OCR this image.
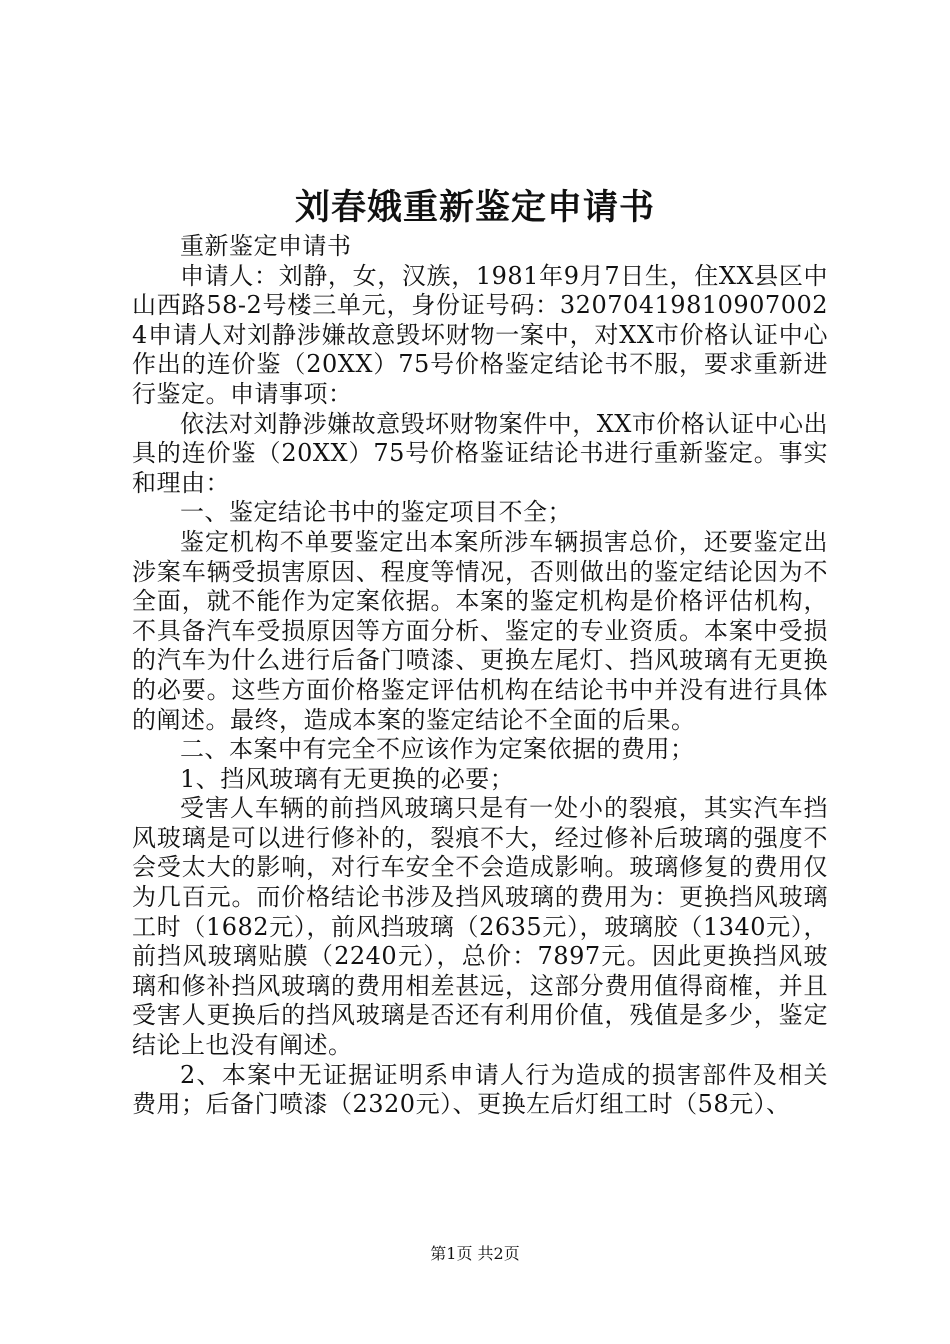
刘春娥重新鉴定申请书

重新鉴定申请书

申请人：刘静，女，汉族，1981年9月7日生，住XX县区中山西路58-2号楼三单元，身份证号码：320704198109070024申请人对刘静涉嫌故意毁坏财物一案中，对XX市价格认证中心作出的连价鉴（20XX）75号价格鉴定结论书不服，要求重新进行鉴定。申请事项：

依法对刘静涉嫌故意毁坏财物案件中，XX市价格认证中心出具的连价鉴（20XX）75号价格鉴证结论书进行重新鉴定。事实和理由：

一、鉴定结论书中的鉴定项目不全；

鉴定机构不单要鉴定出本案所涉车辆损害总价，还要鉴定出涉案车辆受损害原因、程度等情况，否则做出的鉴定结论因为不全面，就不能作为定案依据。本案的鉴定机构是价格评估机构，不具备汽车受损原因等方面分析、鉴定的专业资质。本案中受损的汽车为什么进行后备门喷漆、更换左尾灯、挡风玻璃有无更换的必要。这些方面价格鉴定评估机构在结论书中并没有进行具体的阐述。最终，造成本案的鉴定结论不全面的后果。

二、本案中有完全不应该作为定案依据的费用；

1、挡风玻璃有无更换的必要；

受害人车辆的前挡风玻璃只是有一处小的裂痕，其实汽车挡风玻璃是可以进行修补的，裂痕不大，经过修补后玻璃的强度不会受太大的影响，对行车安全不会造成影响。玻璃修复的费用仅为几百元。而价格结论书涉及挡风玻璃的费用为：更换挡风玻璃工时（1682元），前风挡玻璃（2635元），玻璃胶（1340元），前挡风玻璃贴膜（2240元），总价：7897元。因此更换挡风玻璃和修补挡风玻璃的费用相差甚远，这部分费用值得商榷，并且受害人更换后的挡风玻璃是否还有利用价值，残值是多少，鉴定结论上也没有阐述。

2、本案中无证据证明系申请人行为造成的损害部件及相关费用；后备门喷漆（2320元）、更换左后灯组工时（58元）、

第1页 共2页
